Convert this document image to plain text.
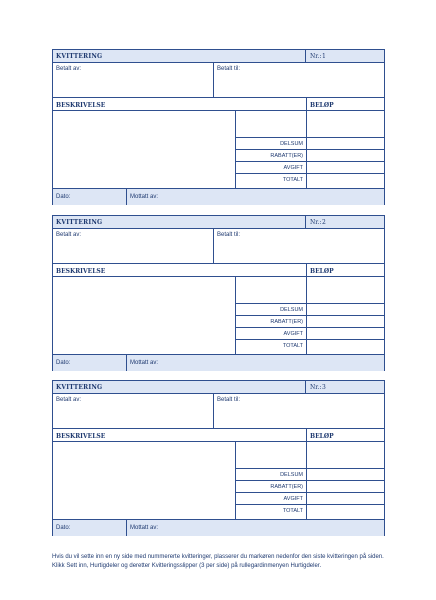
KVITTERING	Nr.: 1
Betalt av:	Betalt til:
BESKRIVELSE	BELØP
DELSUM
RABATT(ER)
AVGIFT
TOTALT
Dato:	Mottatt av:
KVITTERING	Nr.: 2
Betalt av:	Betalt til:
BESKRIVELSE	BELØP
DELSUM
RABATT(ER)
AVGIFT
TOTALT
Dato:	Mottatt av:
KVITTERING	Nr.: 3
Betalt av:	Betalt til:
BESKRIVELSE	BELØP
DELSUM
RABATT(ER)
AVGIFT
TOTALT
Dato:	Mottatt av:

Hvis du vil sette inn en ny side med nummererte kvitteringer, plasserer du markøren nedenfor den siste kvitteringen på siden. Klikk Sett inn, Hurtigdeler og deretter Kvitteringsslipper (3 per side) på rullegardinmenyen Hurtigdeler.
